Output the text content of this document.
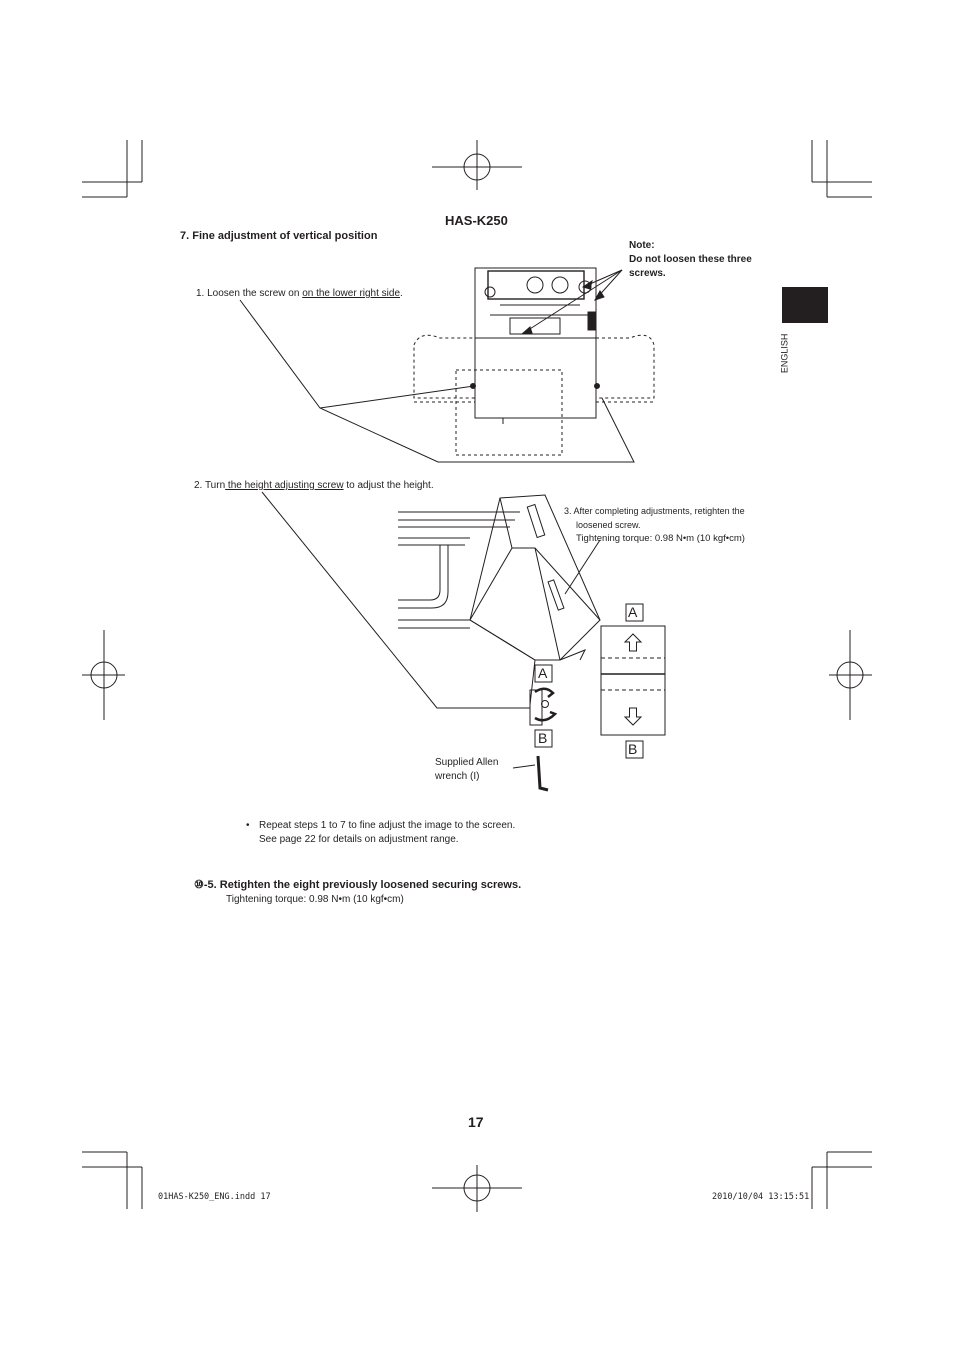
HAS-K250
7. Fine adjustment of vertical position
Note:
Do not loosen these three
screws.
1. Loosen the screw on on the lower right side.
2. Turn the height adjusting screw to adjust the height.
3. After completing adjustments, retighten the
loosened screw.
Tightening torque: 0.98 N•m (10 kgf•cm)
A
B
A
B
Supplied Allen
wrench (I)
• Repeat steps 1 to 7 to fine adjust the image to the screen.
See page 22 for details on adjustment range.
⑩-5. Retighten the eight previously loosened securing screws.
Tightening torque: 0.98 N•m (10 kgf•cm)
ENGLISH
17
01HAS-K250_ENG.indd 17	2010/10/04 13:15:51
